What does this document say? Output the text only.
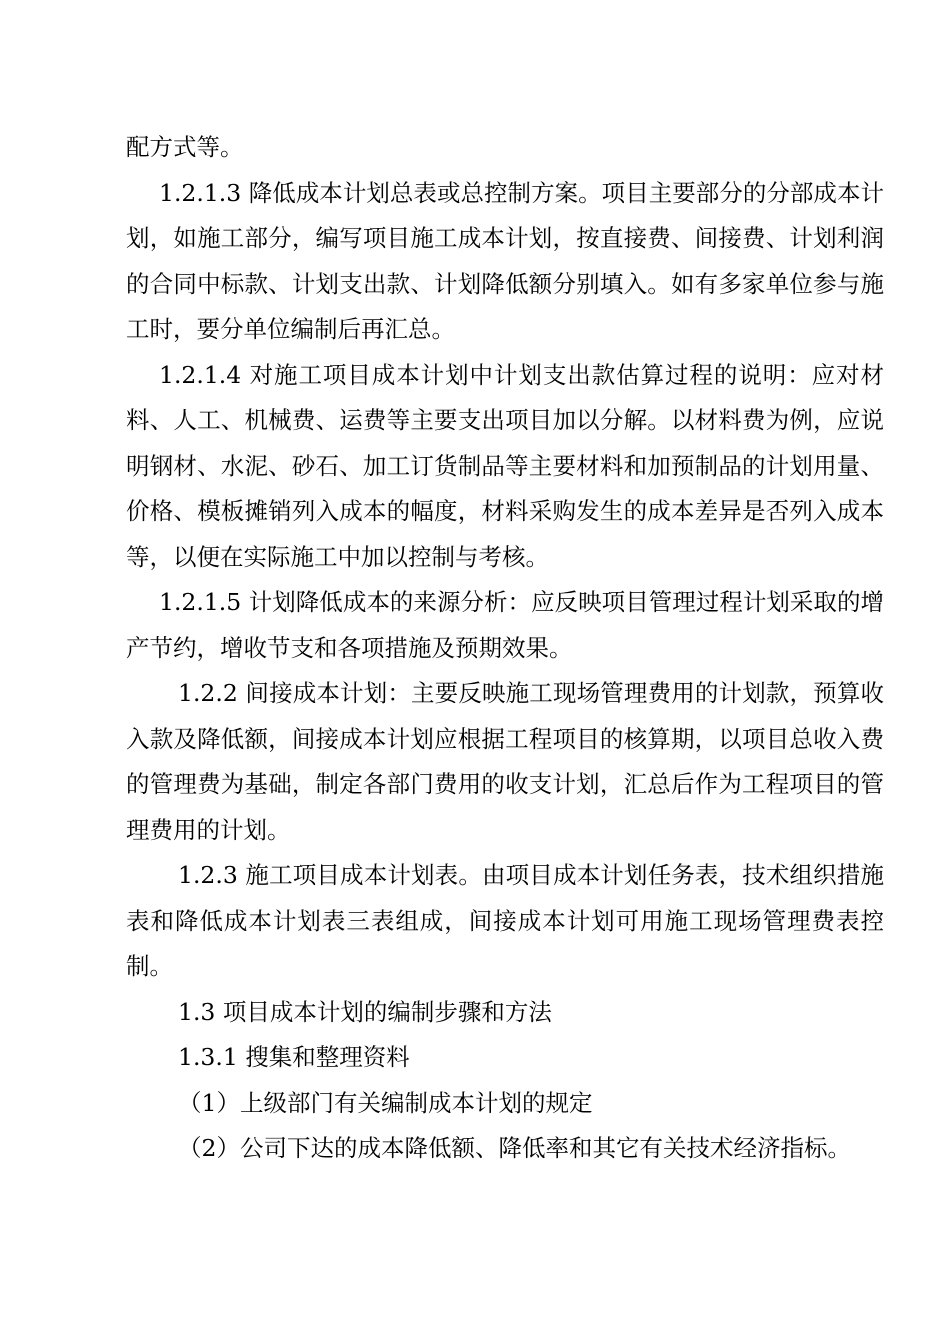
配方式等。

1.2.1.3 降低成本计划总表或总控制方案。项目主要部分的分部成本计划，如施工部分，编写项目施工成本计划，按直接费、间接费、计划利润的合同中标款、计划支出款、计划降低额分别填入。如有多家单位参与施工时，要分单位编制后再汇总。

1.2.1.4 对施工项目成本计划中计划支出款估算过程的说明：应对材料、人工、机械费、运费等主要支出项目加以分解。以材料费为例，应说明钢材、水泥、砂石、加工订货制品等主要材料和加预制品的计划用量、价格、模板摊销列入成本的幅度，材料采购发生的成本差异是否列入成本等，以便在实际施工中加以控制与考核。

1.2.1.5 计划降低成本的来源分析：应反映项目管理过程计划采取的增产节约，增收节支和各项措施及预期效果。

1.2.2 间接成本计划：主要反映施工现场管理费用的计划款，预算收入款及降低额，间接成本计划应根据工程项目的核算期，以项目总收入费的管理费为基础，制定各部门费用的收支计划，汇总后作为工程项目的管理费用的计划。

1.2.3 施工项目成本计划表。由项目成本计划任务表，技术组织措施表和降低成本计划表三表组成，间接成本计划可用施工现场管理费表控制。

1.3 项目成本计划的编制步骤和方法

1.3.1 搜集和整理资料

（1）上级部门有关编制成本计划的规定

（2）公司下达的成本降低额、降低率和其它有关技术经济指标。
